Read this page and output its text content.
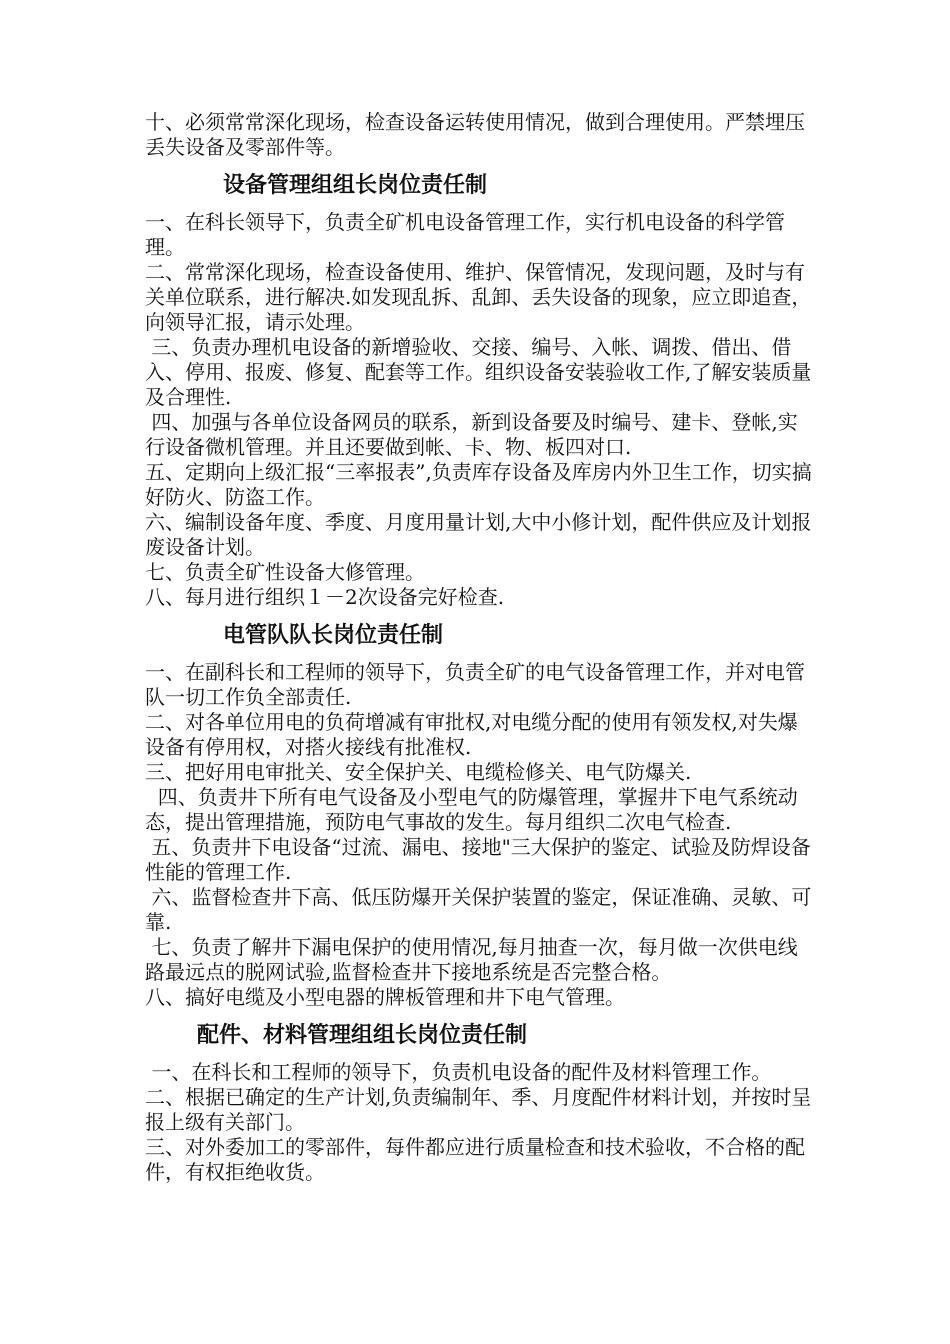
十、必须常常深化现场，检查设备运转使用情况，做到合理使用。严禁埋压丢失设备及零部件等。

设备管理组组长岗位责任制

一、在科长领导下，负责全矿机电设备管理工作，实行机电设备的科学管理。

二、常常深化现场，检查设备使用、维护、保管情况，发现问题，及时与有关单位联系，进行解决.如发现乱拆、乱卸、丢失设备的现象，应立即追查，向领导汇报，请示处理。

三、负责办理机电设备的新增验收、交接、编号、入帐、调拨、借出、借入、停用、报废、修复、配套等工作。组织设备安装验收工作,了解安装质量及合理性.

四、加强与各单位设备网员的联系，新到设备要及时编号、建卡、登帐,实行设备微机管理。并且还要做到帐、卡、物、板四对口.

五、定期向上级汇报“三率报表”,负责库存设备及库房内外卫生工作，切实搞好防火、防盗工作。

六、编制设备年度、季度、月度用量计划,大中小修计划，配件供应及计划报废设备计划。

七、负责全矿性设备大修管理。

八、每月进行组织１－2次设备完好检查.

电管队队长岗位责任制

一、在副科长和工程师的领导下，负责全矿的电气设备管理工作，并对电管队一切工作负全部责任.

二、对各单位用电的负荷增减有审批权,对电缆分配的使用有领发权,对失爆设备有停用权，对搭火接线有批准权.

三、把好用电审批关、安全保护关、电缆检修关、电气防爆关.

四、负责井下所有电气设备及小型电气的防爆管理，掌握井下电气系统动态，提出管理措施，预防电气事故的发生。每月组织二次电气检查.

五、负责井下电设备“过流、漏电、接地"三大保护的鉴定、试验及防焊设备性能的管理工作.

六、监督检查井下高、低压防爆开关保护装置的鉴定，保证准确、灵敏、可靠.

七、负责了解井下漏电保护的使用情况,每月抽查一次，每月做一次供电线路最远点的脱网试验,监督检查井下接地系统是否完整合格。

八、搞好电缆及小型电器的牌板管理和井下电气管理。

配件、材料管理组组长岗位责任制

一、在科长和工程师的领导下，负责机电设备的配件及材料管理工作。

二、根据已确定的生产计划,负责编制年、季、月度配件材料计划，并按时呈报上级有关部门。

三、对外委加工的零部件，每件都应进行质量检查和技术验收，不合格的配件，有权拒绝收货。
